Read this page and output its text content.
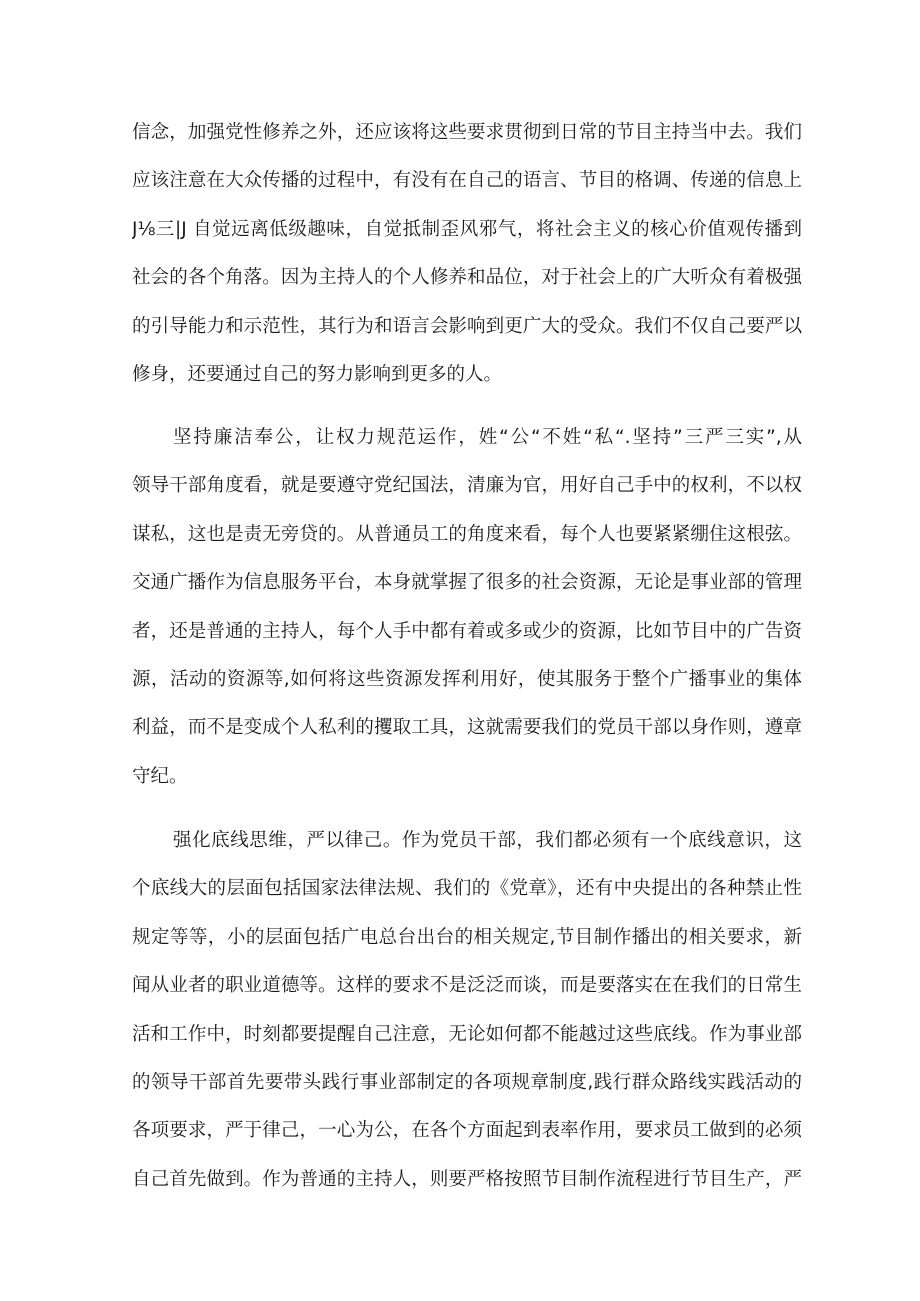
信念，加强党性修养之外，还应该将这些要求贯彻到日常的节目主持当中去。我们
应该注意在大众传播的过程中，有没有在自己的语言、节目的格调、传递的信息上
J⅛三|J 自觉远离低级趣味，自觉抵制歪风邪气，将社会主义的核心价值观传播到
社会的各个角落。因为主持人的个人修养和品位，对于社会上的广大听众有着极强
的引导能力和示范性，其行为和语言会影响到更广大的受众。我们不仅自己要严以
修身，还要通过自己的努力影响到更多的人。
坚持廉洁奉公，让权力规范运作，姓“公“不姓“私“.坚持”三严三实”,从
领导干部角度看，就是要遵守党纪国法，清廉为官，用好自己手中的权利，不以权
谋私，这也是责无旁贷的。从普通员工的角度来看，每个人也要紧紧绷住这根弦。
交通广播作为信息服务平台，本身就掌握了很多的社会资源，无论是事业部的管理
者，还是普通的主持人，每个人手中都有着或多或少的资源，比如节目中的广告资
源，活动的资源等,如何将这些资源发挥利用好，使其服务于整个广播事业的集体
利益，而不是变成个人私利的攫取工具，这就需要我们的党员干部以身作则，遵章
守纪。
强化底线思维，严以律己。作为党员干部，我们都必须有一个底线意识，这
个底线大的层面包括国家法律法规、我们的《党章》，还有中央提出的各种禁止性
规定等等，小的层面包括广电总台出台的相关规定,节目制作播出的相关要求，新
闻从业者的职业道德等。这样的要求不是泛泛而谈，而是要落实在在我们的日常生
活和工作中，时刻都要提醒自己注意，无论如何都不能越过这些底线。作为事业部
的领导干部首先要带头践行事业部制定的各项规章制度,践行群众路线实践活动的
各项要求，严于律己，一心为公，在各个方面起到表率作用，要求员工做到的必须
自己首先做到。作为普通的主持人，则要严格按照节目制作流程进行节目生产，严
